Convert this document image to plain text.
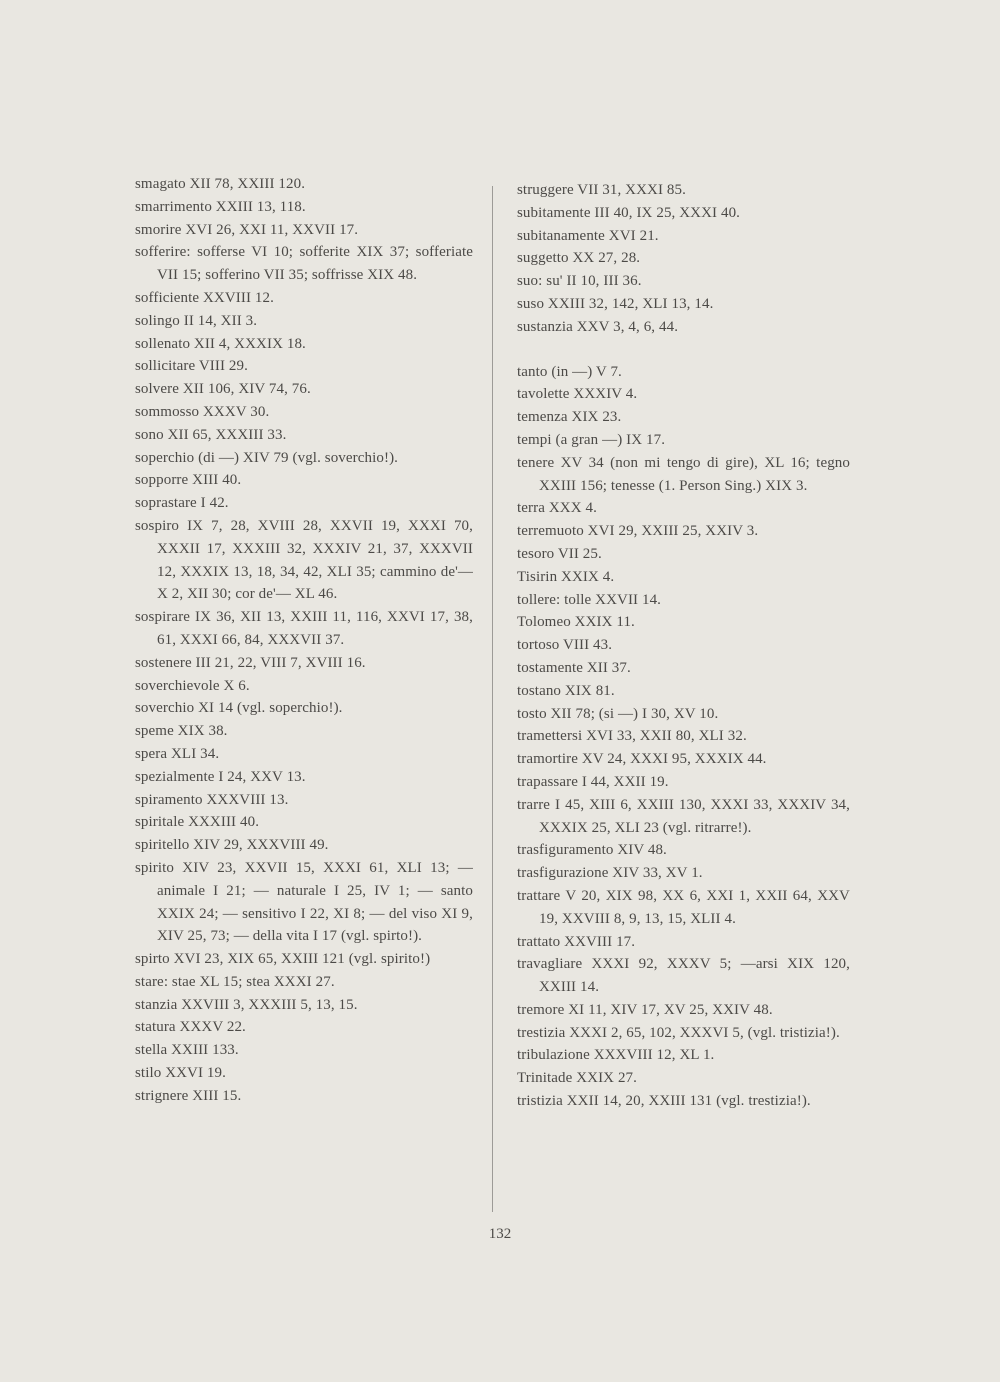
smagato XII 78, XXIII 120.

smarrimento XXIII 13, 118.

smorire XVI 26, XXI 11, XXVII 17.

sofferire: sofferse VI 10; sofferite XIX 37; sofferiate VII 15; sofferino VII 35; soffrisse XIX 48.

sofficiente XXVIII 12.

solingo II 14, XII 3.

sollenato XII 4, XXXIX 18.

sollicitare VIII 29.

solvere XII 106, XIV 74, 76.

sommosso XXXV 30.

sono XII 65, XXXIII 33.

soperchio (di —) XIV 79 (vgl. soverchio!).

sopporre XIII 40.

soprastare I 42.

sospiro IX 7, 28, XVIII 28, XXVII 19, XXXI 70, XXXII 17, XXXIII 32, XXXIV 21, 37, XXXVII 12, XXXIX 13, 18, 34, 42, XLI 35; cammino de'— X 2, XII 30; cor de'— XL 46.

sospirare IX 36, XII 13, XXIII 11, 116, XXVI 17, 38, 61, XXXI 66, 84, XXXVII 37.

sostenere III 21, 22, VIII 7, XVIII 16.

soverchievole X 6.

soverchio XI 14 (vgl. soperchio!).

speme XIX 38.

spera XLI 34.

spezialmente I 24, XXV 13.

spiramento XXXVIII 13.

spiritale XXXIII 40.

spiritello XIV 29, XXXVIII 49.

spirito XIV 23, XXVII 15, XXXI 61, XLI 13; — animale I 21; — naturale I 25, IV 1; — santo XXIX 24; — sensitivo I 22, XI 8; — del viso XI 9, XIV 25, 73; — della vita I 17 (vgl. spirto!).

spirto XVI 23, XIX 65, XXIII 121 (vgl. spirito!)

stare: stae XL 15; stea XXXI 27.

stanzia XXVIII 3, XXXIII 5, 13, 15.

statura XXXV 22.

stella XXIII 133.

stilo XXVI 19.

strignere XIII 15.

struggere VII 31, XXXI 85.

subitamente III 40, IX 25, XXXI 40.

subitanamente XVI 21.

suggetto XX 27, 28.

suo: su' II 10, III 36.

suso XXIII 32, 142, XLI 13, 14.

sustanzia XXV 3, 4, 6, 44.

tanto (in —) V 7.

tavolette XXXIV 4.

temenza XIX 23.

tempi (a gran —) IX 17.

tenere XV 34 (non mi tengo di gire), XL 16; tegno XXIII 156; tenesse (1. Person Sing.) XIX 3.

terra XXX 4.

terremuoto XVI 29, XXIII 25, XXIV 3.

tesoro VII 25.

Tisirin XXIX 4.

tollere: tolle XXVII 14.

Tolomeo XXIX 11.

tortoso VIII 43.

tostamente XII 37.

tostano XIX 81.

tosto XII 78; (si —) I 30, XV 10.

tramettersi XVI 33, XXII 80, XLI 32.

tramortire XV 24, XXXI 95, XXXIX 44.

trapassare I 44, XXII 19.

trarre I 45, XIII 6, XXIII 130, XXXI 33, XXXIV 34, XXXIX 25, XLI 23 (vgl. ritrarre!).

trasfiguramento XIV 48.

trasfigurazione XIV 33, XV 1.

trattare V 20, XIX 98, XX 6, XXI 1, XXII 64, XXV 19, XXVIII 8, 9, 13, 15, XLII 4.

trattato XXVIII 17.

travagliare XXXI 92, XXXV 5; —arsi XIX 120, XXIII 14.

tremore XI 11, XIV 17, XV 25, XXIV 48.

trestizia XXXI 2, 65, 102, XXXVI 5, (vgl. tristizia!).

tribulazione XXXVIII 12, XL 1.

Trinitade XXIX 27.

tristizia XXII 14, 20, XXIII 131 (vgl. trestizia!).

132
